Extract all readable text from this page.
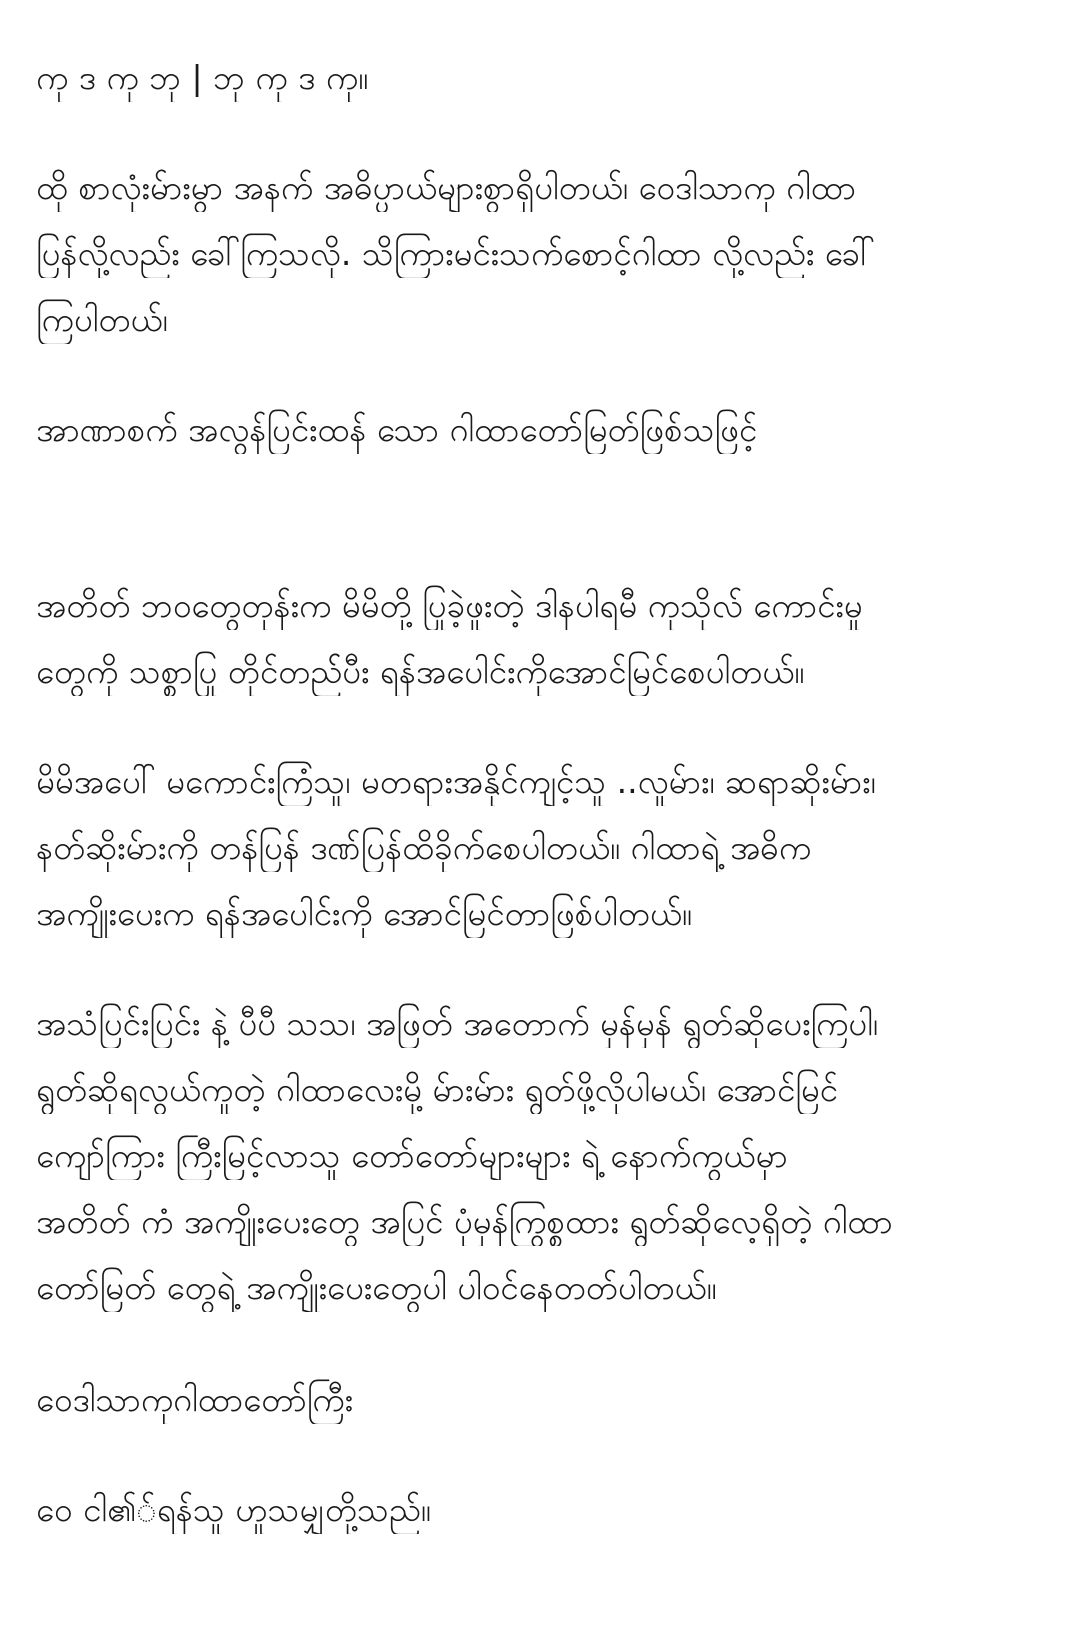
ကု ဒ ကု ဘု | ဘု ကု ဒ ကု။

ထို စာလုံးမ်ားမွာ အနက် အဓိပ္ပာယ်များစွာရှိပါတယ်၊ ဝေဒါသာကု ဂါထာ

ပြန်လို့လည်း ခေါ်ကြသလို. သိကြားမင်းသက်စောင့်ဂါထာ လို့လည်း ခေါ်

ကြပါတယ်၊

အာဏာစက် အလွန်ပြင်းထန် သော ဂါထာတော်မြတ်ဖြစ်သဖြင့်

အတိတ် ဘဝတွေတုန်းက မိမိတို့ ပြုခဲ့ဖူးတဲ့ ဒါနပါရမီ ကုသိုလ် ကောင်းမှု

တွေကို သစ္စာပြု တိုင်တည််ပီး ရန်အပေါင်းကိုအောင်မြင်စေပါတယ်။

မိမိအပေါ် မကောင်းကြံသူ၊ မတရားအနိုင်ကျင့်သူ ..လူမ်ား၊ ဆရာဆိုးမ်ား၊

နတ်ဆိုးမ်ားကို တန်ပြန် ဒဏ်ပြန်ထိခိုက်စေပါတယ်။ ဂါထာရဲ့ အဓိက

အကျိုးပေးက ရန်အပေါင်းကို အောင်မြင်တာဖြစ်ပါတယ်။

အသံပြင်းပြင်း နဲ့ ပီပီ သသ၊ အဖြတ် အတောက် မှန်မှန် ရွတ်ဆိုပေးကြပါ၊

ရွတ်ဆိုရလွယ်ကူတဲ့ ဂါထာလေးမို့ မ်ားမ်ား ရွတ်ဖို့လိုပါမယ်၊ အောင်မြင်

ကျော်ကြား ကြီးမြင့်လာသူ တော်တော်များများ ရဲ့ နောက်ကွယ်မှာ

အတိတ် ကံ အကျိုးပေးတွေ အပြင် ပုံမှန်ကြွစ္စထား ရွတ်ဆိုလေ့ရှိတဲ့ ဂါထာ

တော်မြတ် တွေရဲ့ အကျိုးပေးတွေပါ ပါဝင်နေတတ်ပါတယ်။

ဝေဒါသာကုဂါထာတော်ကြီး

ဝေ ငါ၏်ရန်သူ ဟူသမျှတို့သည်။
